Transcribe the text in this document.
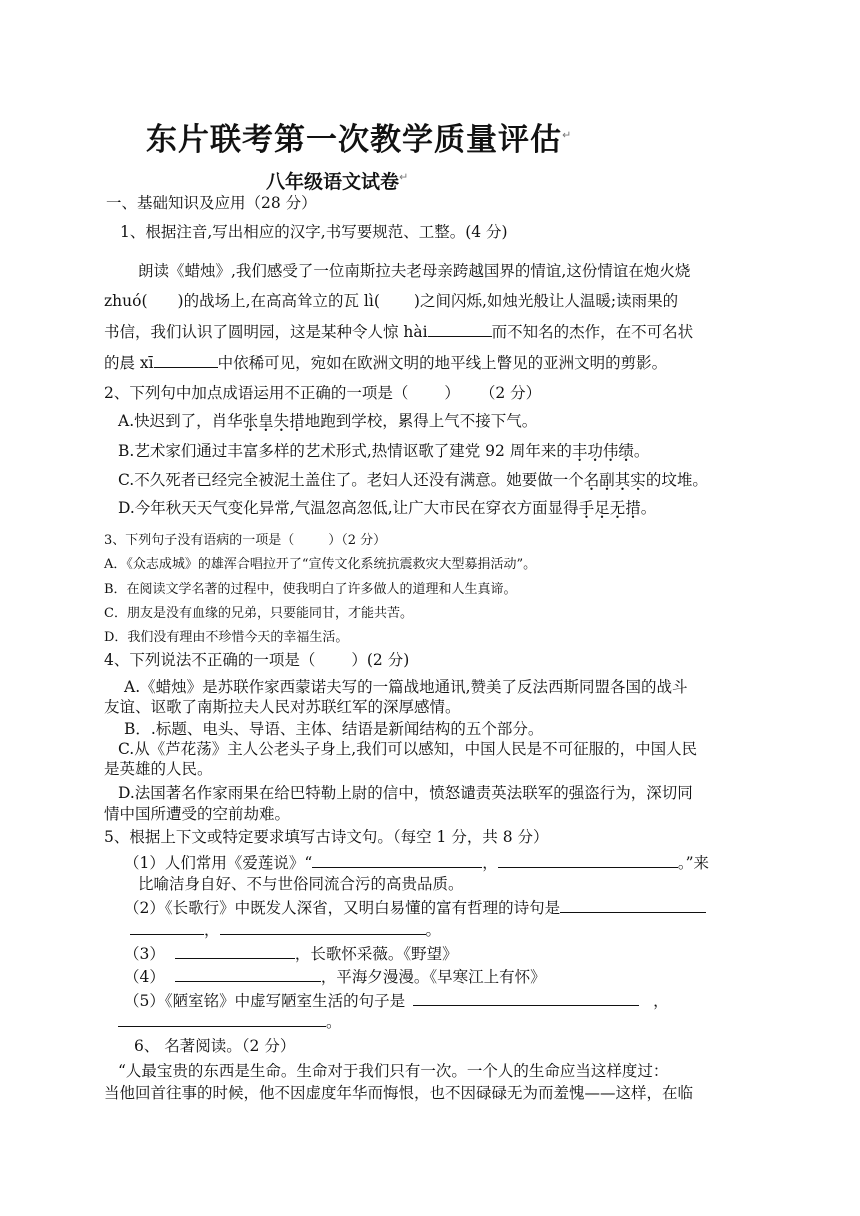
东片联考第一次教学质量评估↵
八年级语文试卷↵
一、基础知识及应用（28 分）
1、根据注音,写出相应的汉字,书写要规范、工整。(4 分)
朗读《蜡烛》,我们感受了一位南斯拉夫老母亲跨越国界的情谊,这份情谊在炮火烧
zhuó( )的战场上,在高高耸立的瓦 lì( )之间闪烁,如烛光般让人温暖;读雨果的
书信，我们认识了圆明园，这是某种令人惊 hài	而不知名的杰作，在不可名状
的晨 xī	中依稀可见，宛如在欧洲文明的地平线上瞥见的亚洲文明的剪影。
2、下列句中加点成语运用不正确的一项是（ ） （2 分）
A.快迟到了，肖华张皇失措地跑到学校，累得上气不接下气。
B.艺术家们通过丰富多样的艺术形式,热情讴歌了建党 92 周年来的丰功伟绩。
C.不久死者已经完全被泥土盖住了。老妇人还没有满意。她要做一个名副其实的坟堆。
D.今年秋天天气变化异常,气温忽高忽低,让广大市民在穿衣方面显得手足无措。
3、下列句子没有语病的一项是（	）（2 分）
A．《众志成城》的雄浑合唱拉开了“宣传文化系统抗震救灾大型募捐活动”。
B．在阅读文学名著的过程中，使我明白了许多做人的道理和人生真谛。
C．朋友是没有血缘的兄弟，只要能同甘，才能共苦。
D．我们没有理由不珍惜今天的幸福生活。
4、下列说法不正确的一项是（ ）(2 分)
A.《蜡烛》是苏联作家西蒙诺夫写的一篇战地通讯,赞美了反法西斯同盟各国的战斗
友谊、讴歌了南斯拉夫人民对苏联红军的深厚感情。
B．.标题、电头、导语、主体、结语是新闻结构的五个部分。
C.从《芦花荡》主人公老头子身上,我们可以感知，中国人民是不可征服的，中国人民
是英雄的人民。
D.法国著名作家雨果在给巴特勒上尉的信中，愤怒谴责英法联军的强盗行为，深切同
情中国所遭受的空前劫难。
5、根据上下文或特定要求填写古诗文句。（每空 1 分，共 8 分）
（1）人们常用《爱莲说》“	，	。”来
比喻洁身自好、不与世俗同流合污的高贵品质。
（2）《长歌行》中既发人深省，又明白易懂的富有哲理的诗句是
，	。
（3）	，长歌怀采薇。《野望》
（4）	，平海夕漫漫。《早寒江上有怀》
（5）《陋室铭》中虚写陋室生活的句子是	，
。
6、 名著阅读。（2 分）
“人最宝贵的东西是生命。生命对于我们只有一次。一个人的生命应当这样度过：
当他回首往事的时候，他不因虚度年华而悔恨，也不因碌碌无为而羞愧——这样，在临
